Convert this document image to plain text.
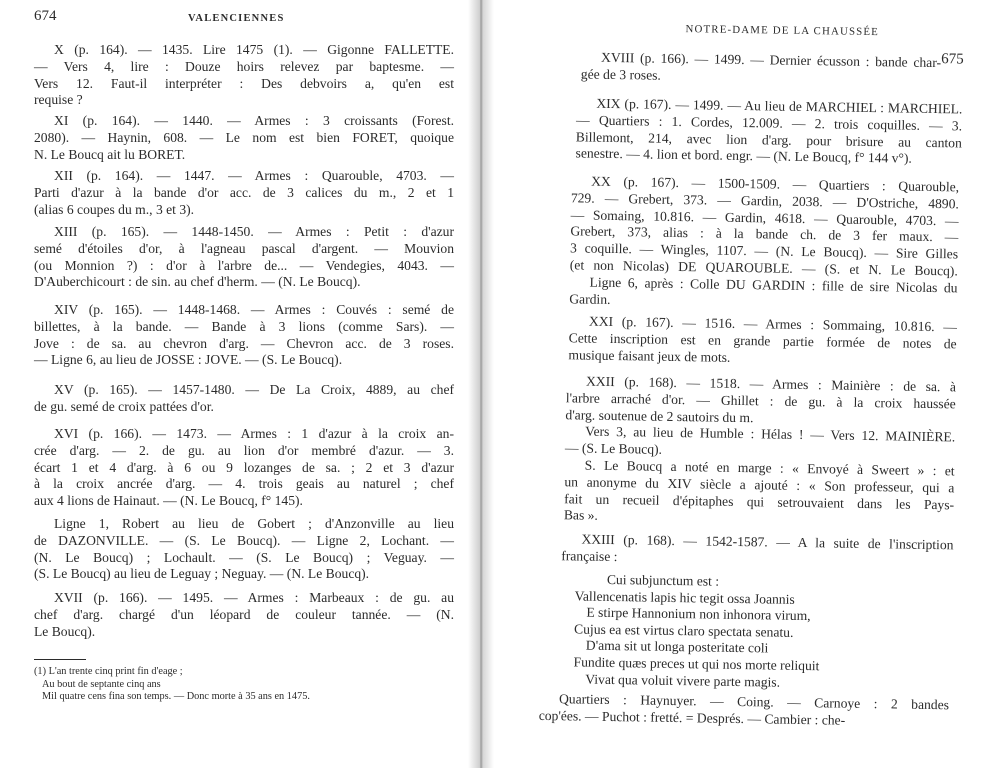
674	VALENCIENNES
X (p. 164). — 1435. Lire 1475 (1). — Gigonne FALLETTE.
— Vers 4, lire : Douze hoirs relevez par baptesme. —
Vers 12. Faut-il interpréter : Des debvoirs a, qu'en est
requise ?
XI (p. 164). — 1440. — Armes : 3 croissants (Forest.
2080). — Haynin, 608. — Le nom est bien FORET, quoique
N. Le Boucq ait lu BORET.
XII (p. 164). — 1447. — Armes : Quarouble, 4703. —
Parti d'azur à la bande d'or acc. de 3 calices du m., 2 et 1
(alias 6 coupes du m., 3 et 3).
XIII (p. 165). — 1448-1450. — Armes : Petit : d'azur
semé d'étoiles d'or, à l'agneau pascal d'argent. — Mouvion
(ou Monnion ?) : d'or à l'arbre de... — Vendegies, 4043. —
D'Auberchicourt : de sin. au chef d'herm. — (N. Le Boucq).
XIV (p. 165). — 1448-1468. — Armes : Couvés : semé de
billettes, à la bande. — Bande à 3 lions (comme Sars). —
Jove : de sa. au chevron d'arg. — Chevron acc. de 3 roses.
— Ligne 6, au lieu de JOSSE : JOVE. — (S. Le Boucq).
XV (p. 165). — 1457-1480. — De La Croix, 4889, au chef
de gu. semé de croix pattées d'or.
XVI (p. 166). — 1473. — Armes : 1 d'azur à la croix an-
crée d'arg. — 2. de gu. au lion d'or membré d'azur. — 3.
écart 1 et 4 d'arg. à 6 ou 9 lozanges de sa. ; 2 et 3 d'azur
à la croix ancrée d'arg. — 4. trois geais au naturel ; chef
aux 4 lions de Hainaut. — (N. Le Boucq, f° 145).
Ligne 1, Robert au lieu de Gobert ; d'Anzonville au lieu
de DAZONVILLE. — (S. Le Boucq). — Ligne 2, Lochant. —
(N. Le Boucq) ; Lochault. — (S. Le Boucq) ; Veguay. —
(S. Le Boucq) au lieu de Leguay ; Neguay. — (N. Le Boucq).
XVII (p. 166). — 1495. — Armes : Marbeaux : de gu. au
chef d'arg. chargé d'un léopard de couleur tannée. — (N.
Le Boucq).
(1) L'an trente cinq print fin d'eage ;
Au bout de septante cinq ans
Mil quatre cens fina son temps. — Donc morte à 35 ans en 1475.
NOTRE-DAME DE LA CHAUSSÉE
675
XVIII (p. 166). — 1499. — Dernier écusson : bande char-
gée de 3 roses.
XIX (p. 167). — 1499. — Au lieu de MARCHIEL : MARCHIEL.
— Quartiers : 1. Cordes, 12.009. — 2. trois coquilles. — 3.
Billemont, 214, avec lion d'arg. pour brisure au canton
senestre. — 4. lion et bord. engr. — (N. Le Boucq, f° 144 v°).
XX (p. 167). — 1500-1509. — Quartiers : Quarouble,
729. — Grebert, 373. — Gardin, 2038. — D'Ostriche, 4890.
— Somaing, 10.816. — Gardin, 4618. — Quarouble, 4703. —
Grebert, 373, alias : à la bande ch. de 3 fer maux. —
3 coquille. — Wingles, 1107. — (N. Le Boucq). — Sire Gilles
(et non Nicolas) DE QUAROUBLE. — (S. et N. Le Boucq).
Ligne 6, après : Colle DU GARDIN : fille de sire Nicolas du
Gardin.
XXI (p. 167). — 1516. — Armes : Sommaing, 10.816. —
Cette inscription est en grande partie formée de notes de
musique faisant jeux de mots.
XXII (p. 168). — 1518. — Armes : Mainière : de sa. à
l'arbre arraché d'or. — Ghillet : de gu. à la croix haussée
d'arg. soutenue de 2 sautoirs du m.
Vers 3, au lieu de Humble : Hélas ! — Vers 12. MAINIÈRE.
— (S. Le Boucq).
S. Le Boucq a noté en marge : « Envoyé à Sweert » : et
un anonyme du XIV siècle a ajouté : « Son professeur, qui a
fait un recueil d'épitaphes qui setrouvaient dans les Pays-
Bas ».
XXIII (p. 168). — 1542-1587. — A la suite de l'inscription
française :
Cui subjunctum est :
Vallencenatis lapis hic tegit ossa Joannis
E stirpe Hannonium non inhonora virum,
Cujus ea est virtus claro spectata senatu.
D'ama sit ut longa posteritate coli
Fundite quæs preces ut qui nos morte reliquit
Vivat qua voluit vivere parte magis.
Quartiers : Haynuyer. — Coing. — Carnoye : 2 bandes
cop'ées. — Puchot : fretté. = Després. — Cambier : che-
